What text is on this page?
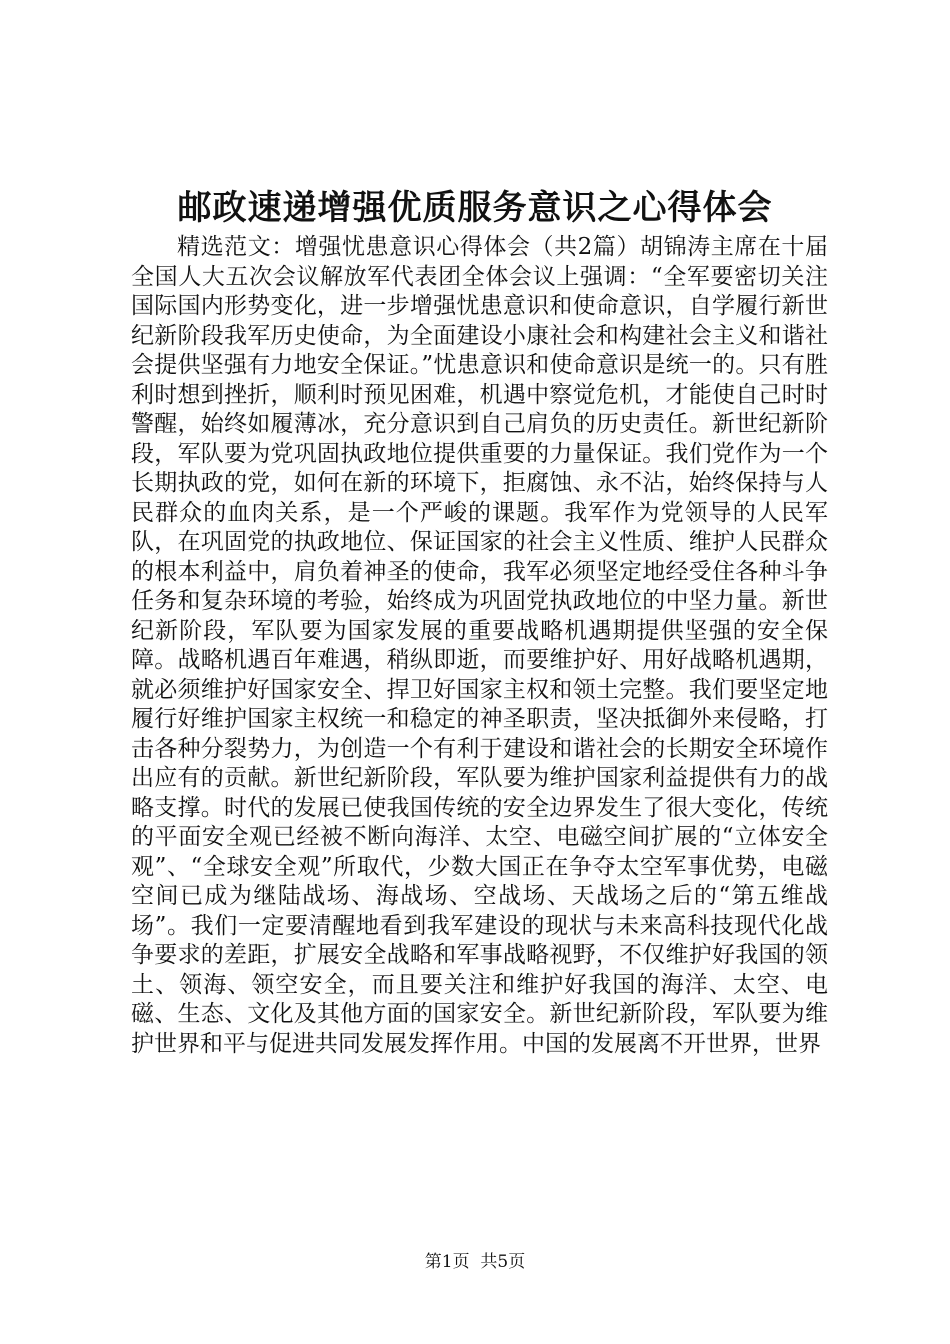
邮政速递增强优质服务意识之心得体会

精选范文：增强忧患意识心得体会（共2篇）胡锦涛主席在十届全国人大五次会议解放军代表团全体会议上强调：“全军要密切关注国际国内形势变化，进一步增强忧患意识和使命意识，自学履行新世纪新阶段我军历史使命，为全面建设小康社会和构建社会主义和谐社会提供坚强有力地安全保证。”忧患意识和使命意识是统一的。只有胜利时想到挫折，顺利时预见困难，机遇中察觉危机，才能使自己时时警醒，始终如履薄冰，充分意识到自己肩负的历史责任。新世纪新阶段，军队要为党巩固执政地位提供重要的力量保证。我们党作为一个长期执政的党，如何在新的环境下，拒腐蚀、永不沾，始终保持与人民群众的血肉关系，是一个严峻的课题。我军作为党领导的人民军队，在巩固党的执政地位、保证国家的社会主义性质、维护人民群众的根本利益中，肩负着神圣的使命，我军必须坚定地经受住各种斗争任务和复杂环境的考验，始终成为巩固党执政地位的中坚力量。新世纪新阶段，军队要为国家发展的重要战略机遇期提供坚强的安全保障。战略机遇百年难遇，稍纵即逝，而要维护好、用好战略机遇期，就必须维护好国家安全、捍卫好国家主权和领土完整。我们要坚定地履行好维护国家主权统一和稳定的神圣职责，坚决抵御外来侵略，打击各种分裂势力，为创造一个有利于建设和谐社会的长期安全环境作出应有的贡献。新世纪新阶段，军队要为维护国家利益提供有力的战略支撑。时代的发展已使我国传统的安全边界发生了很大变化，传统的平面安全观已经被不断向海洋、太空、电磁空间扩展的“立体安全观”、“全球安全观”所取代，少数大国正在争夺太空军事优势，电磁空间已成为继陆战场、海战场、空战场、天战场之后的“第五维战场”。我们一定要清醒地看到我军建设的现状与未来高科技现代化战争要求的差距，扩展安全战略和军事战略视野，不仅维护好我国的领土、领海、领空安全，而且要关注和维护好我国的海洋、太空、电磁、生态、文化及其他方面的国家安全。新世纪新阶段，军队要为维护世界和平与促进共同发展发挥作用。中国的发展离不开世界，世界

第1页 共5页
